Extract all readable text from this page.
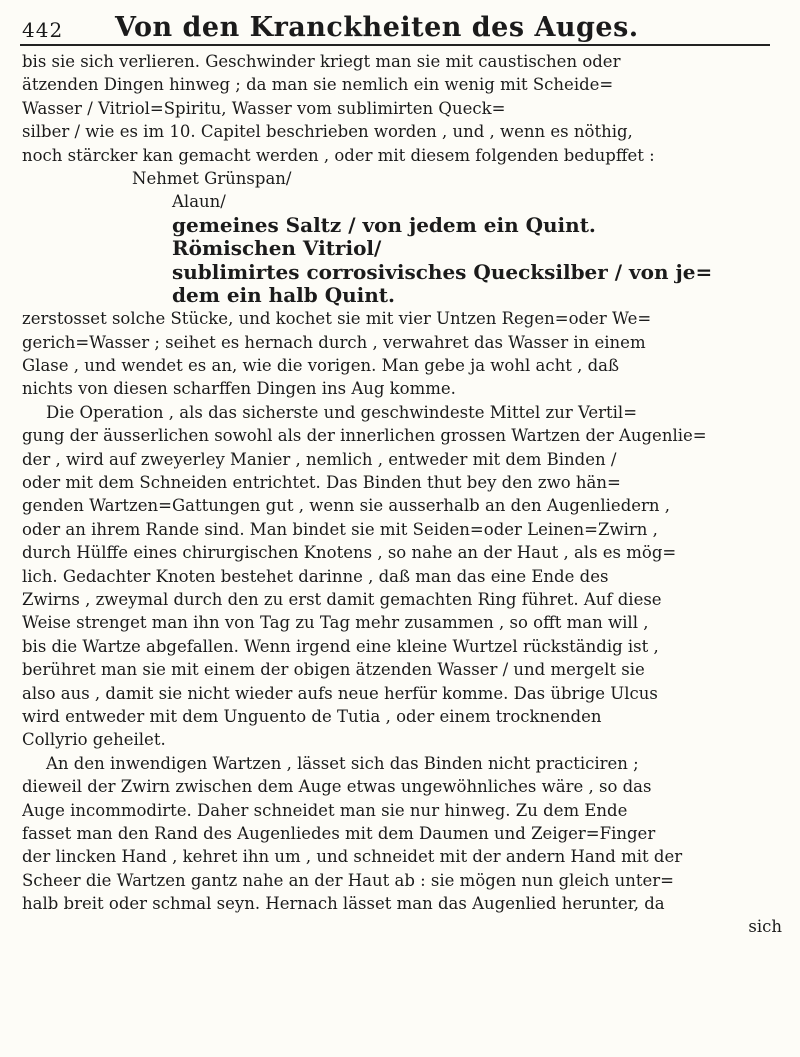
442 Von den Kranckheiten des Auges.
bis sie sich verlieren. Geschwinder kriegt man sie mit caustischen oder
ätzenden Dingen hinweg ; da man sie nemlich ein wenig mit Scheide=
Wasser / Vitriol=Spiritu, Wasser vom sublimirten Queck=
silber / wie es im 10. Capitel beschrieben worden , und , wenn es nöthig,
noch stärcker kan gemacht werden , oder mit diesem folgenden bedupffet :
Nehmet Grünspan/
Alaun/
gemeines Saltz / von jedem ein Quint.
Römischen Vitriol/
sublimirtes corrosivisches Quecksilber / von je=
dem ein halb Quint.
zerstosset solche Stücke, und kochet sie mit vier Untzen Regen=oder We=
gerich=Wasser ; seihet es hernach durch , verwahret das Wasser in einem
Glase , und wendet es an, wie die vorigen. Man gebe ja wohl acht , daß
nichts von diesen scharffen Dingen ins Aug komme.
Die Operation , als das sicherste und geschwindeste Mittel zur Vertil=
gung der äusserlichen sowohl als der innerlichen grossen Wartzen der Augenlie=
der , wird auf zweyerley Manier , nemlich , entweder mit dem Binden /
oder mit dem Schneiden entrichtet. Das Binden thut bey den zwo hän=
genden Wartzen=Gattungen gut , wenn sie ausserhalb an den Augenliedern ,
oder an ihrem Rande sind. Man bindet sie mit Seiden=oder Leinen=Zwirn ,
durch Hülffe eines chirurgischen Knotens , so nahe an der Haut , als es mög=
lich. Gedachter Knoten bestehet darinne , daß man das eine Ende des
Zwirns , zweymal durch den zu erst damit gemachten Ring führet. Auf diese
Weise strenget man ihn von Tag zu Tag mehr zusammen , so offt man will ,
bis die Wartze abgefallen. Wenn irgend eine kleine Wurtzel rückständig ist ,
berühret man sie mit einem der obigen ätzenden Wasser / und mergelt sie
also aus , damit sie nicht wieder aufs neue herfür komme. Das übrige Ulcus
wird entweder mit dem Unguento de Tutia , oder einem trocknenden
Collyrio geheilet.
An den inwendigen Wartzen , lässet sich das Binden nicht practiciren ;
dieweil der Zwirn zwischen dem Auge etwas ungewöhnliches wäre , so das
Auge incommodirte. Daher schneidet man sie nur hinweg. Zu dem Ende
fasset man den Rand des Augenliedes mit dem Daumen und Zeiger=Finger
der lincken Hand , kehret ihn um , und schneidet mit der andern Hand mit der
Scheer die Wartzen gantz nahe an der Haut ab : sie mögen nun gleich unter=
halb breit oder schmal seyn. Hernach lässet man das Augenlied herunter, da
sich
